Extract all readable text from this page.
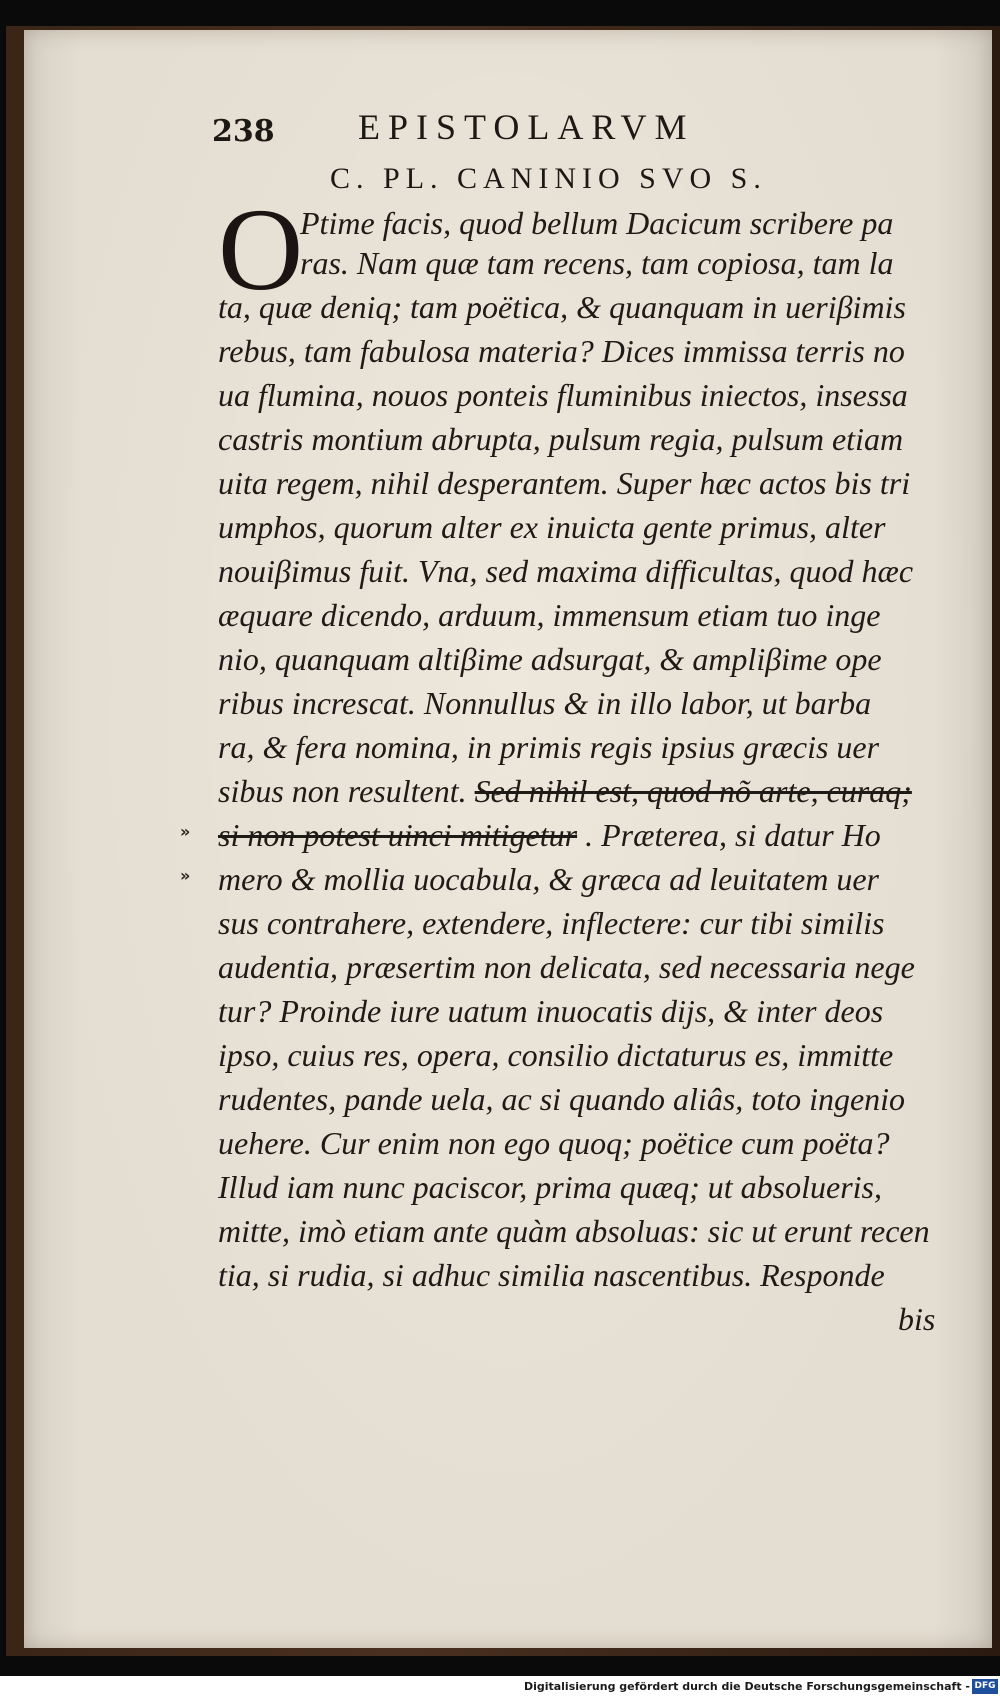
238 EPISTOLARVM
C. PL. CANINIO SVO S.
O
Ptime facis, quod bellum Dacicum scribere pa
ras. Nam quæ tam recens, tam copiosa, tam la
ta, quæ deniq; tam poëtica, & quanquam in ueriβimis
rebus, tam fabulosa materia? Dices immissa terris no
ua flumina, nouos ponteis fluminibus iniectos, insessa
castris montium abrupta, pulsum regia, pulsum etiam
uita regem, nihil desperantem. Super hæc actos bis tri
umphos, quorum alter ex inuicta gente primus, alter
nouiβimus fuit. Vna, sed maxima difficultas, quod hæc
æquare dicendo, arduum, immensum etiam tuo inge
nio, quanquam altiβime adsurgat, & ampliβime ope
ribus increscat. Nonnullus & in illo labor, ut barba
ra, & fera nomina, in primis regis ipsius græcis uer
sibus non resultent. Sed nihil est, quod nõ arte, curaq;
si non potest uinci mitigetur . Præterea, si datur Ho
mero & mollia uocabula, & græca ad leuitatem uer
sus contrahere, extendere, inflectere: cur tibi similis
audentia, præsertim non delicata, sed necessaria nege
tur? Proinde iure uatum inuocatis dijs, & inter deos
ipso, cuius res, opera, consilio dictaturus es, immitte
rudentes, pande uela, ac si quando aliâs, toto ingenio
uehere. Cur enim non ego quoq; poëtice cum poëta?
Illud iam nunc paciscor, prima quæq; ut absolueris,
mitte, imò etiam ante quàm absoluas: sic ut erunt recen
tia, si rudia, si adhuc similia nascentibus. Responde
bis
»
»
Digitalisierung gefördert durch die Deutsche Forschungsgemeinschaft - DFG
